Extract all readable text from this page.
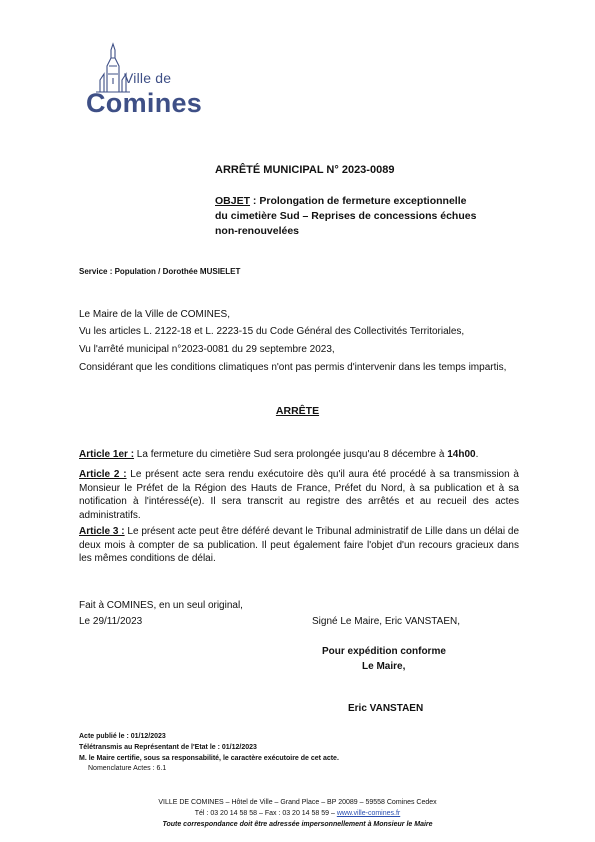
Ville de
Comines
ARRÊTÉ MUNICIPAL N° 2023-0089
OBJET : Prolongation de fermeture exceptionnelle
du cimetière Sud – Reprises de concessions échues
non-renouvelées
Service : Population / Dorothée MUSIELET
Le Maire de la Ville de COMINES,
Vu les articles L. 2122-18 et L. 2223-15 du Code Général des Collectivités Territoriales,
Vu l'arrêté municipal n°2023-0081 du 29 septembre 2023,
Considérant que les conditions climatiques n'ont pas permis d'intervenir dans les temps impartis,
ARRÊTE
Article 1er : La fermeture du cimetière Sud sera prolongée jusqu'au 8 décembre à 14h00.
Article 2 : Le présent acte sera rendu exécutoire dès qu'il aura été procédé à sa transmission à Monsieur le Préfet de la Région des Hauts de France, Préfet du Nord, à sa publication et à sa notification à l'intéressé(e). Il sera transcrit au registre des arrêtés et au recueil des actes administratifs.
Article 3 : Le présent acte peut être déféré devant le Tribunal administratif de Lille dans un délai de deux mois à compter de sa publication. Il peut également faire l'objet d'un recours gracieux dans les mêmes conditions de délai.
Fait à COMINES, en un seul original,
Le 29/11/2023	Signé Le Maire, Eric VANSTAEN,
Pour expédition conforme
Le Maire,
Eric VANSTAEN
Acte publié le : 01/12/2023
Télétransmis au Représentant de l'Etat le : 01/12/2023
M. le Maire certifie, sous sa responsabilité, le caractère exécutoire de cet acte.
Nomenclature Actes : 6.1
VILLE DE COMINES – Hôtel de Ville – Grand Place – BP 20089 – 59558 Comines Cedex
Tél : 03 20 14 58 58 – Fax : 03 20 14 58 59 – www.ville-comines.fr
Toute correspondance doit être adressée impersonnellement à Monsieur le Maire
